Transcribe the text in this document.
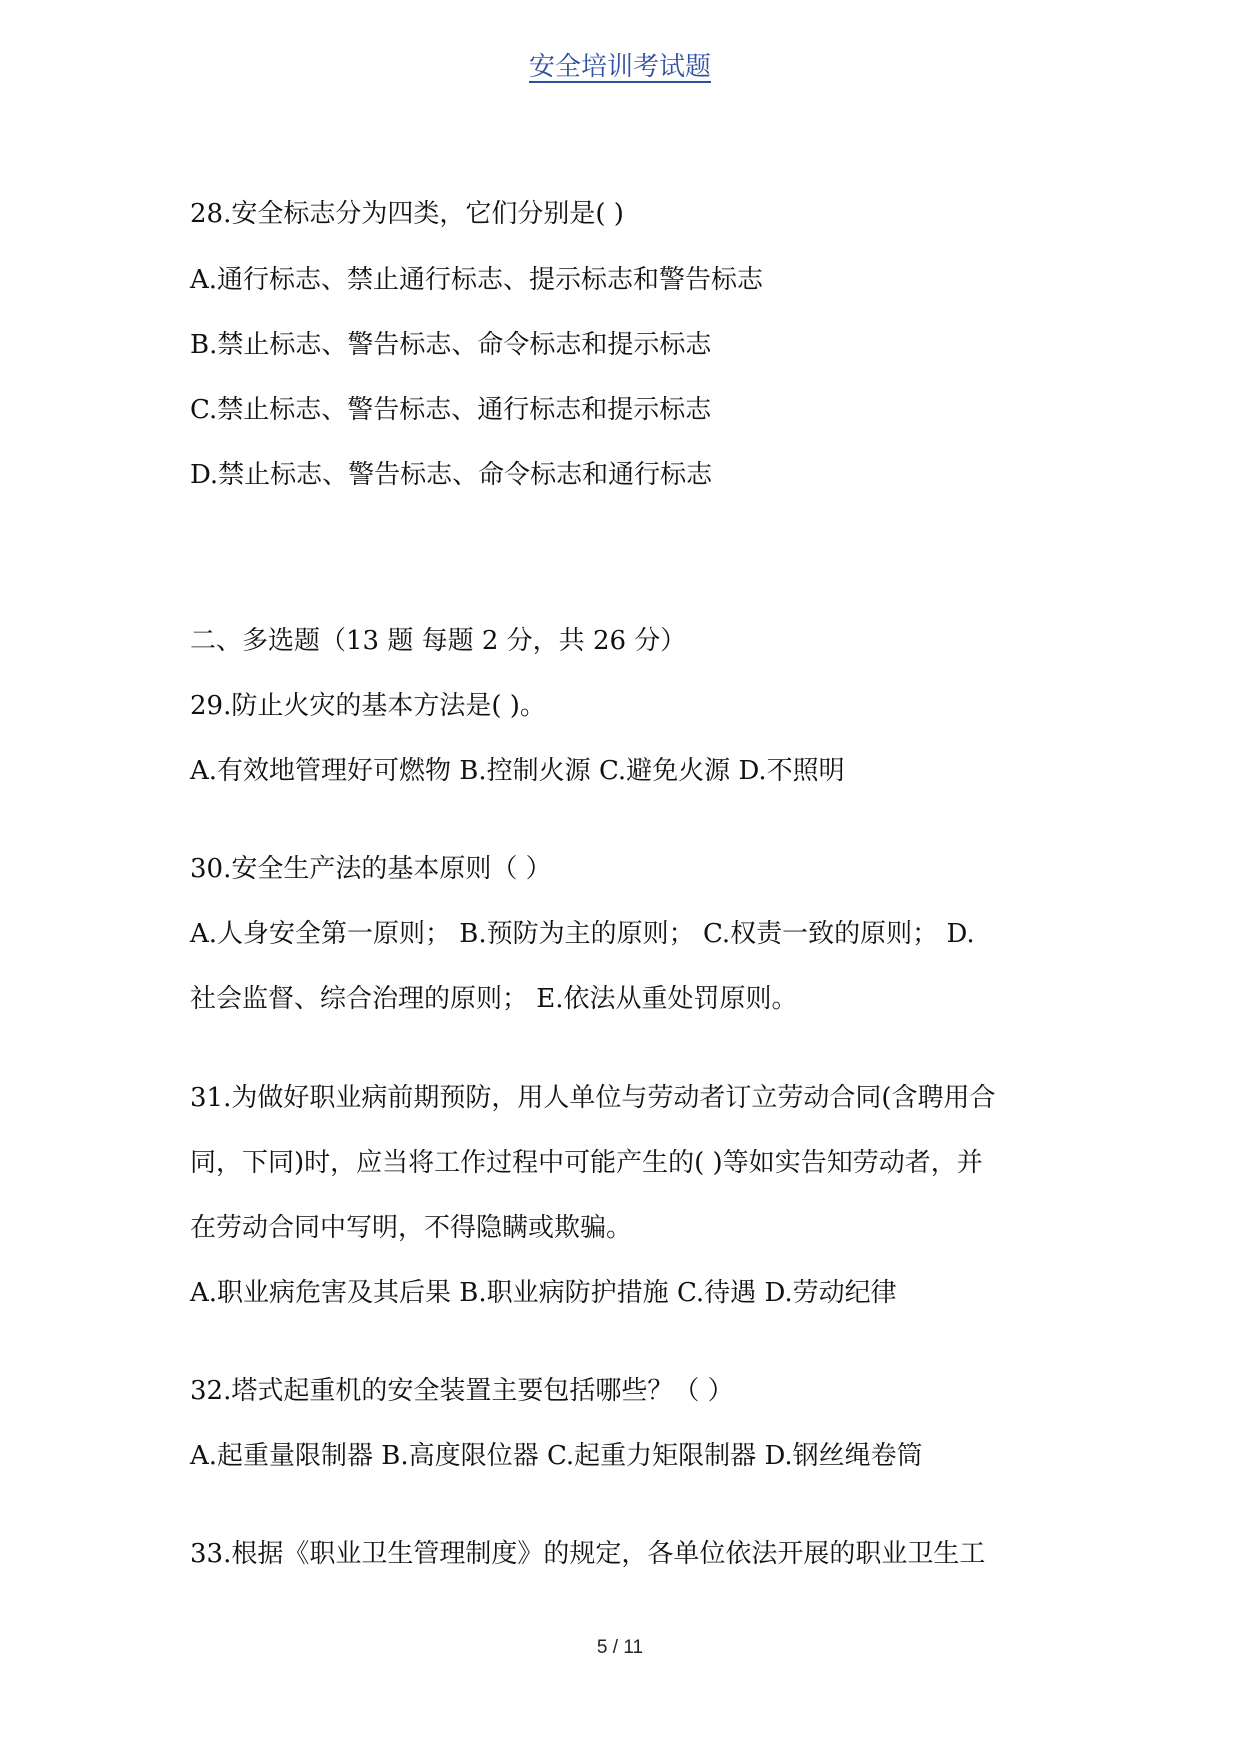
安全培训考试题
28.安全标志分为四类，它们分别是( )
A.通行标志、禁止通行标志、提示标志和警告标志
B.禁止标志、警告标志、命令标志和提示标志
C.禁止标志、警告标志、通行标志和提示标志
D.禁止标志、警告标志、命令标志和通行标志
二、多选题（13 题 每题 2 分，共 26 分）
29.防止火灾的基本方法是( )。
A.有效地管理好可燃物 B.控制火源 C.避免火源 D.不照明
30.安全生产法的基本原则（ ）
A.人身安全第一原则； B.预防为主的原则； C.权责一致的原则； D.
社会监督、综合治理的原则； E.依法从重处罚原则。
31.为做好职业病前期预防，用人单位与劳动者订立劳动合同(含聘用合
同，下同)时，应当将工作过程中可能产生的( )等如实告知劳动者，并
在劳动合同中写明，不得隐瞒或欺骗。
A.职业病危害及其后果 B.职业病防护措施 C.待遇 D.劳动纪律
32.塔式起重机的安全装置主要包括哪些？（ ）
A.起重量限制器 B.高度限位器 C.起重力矩限制器 D.钢丝绳卷筒
33.根据《职业卫生管理制度》的规定，各单位依法开展的职业卫生工
5 / 11
